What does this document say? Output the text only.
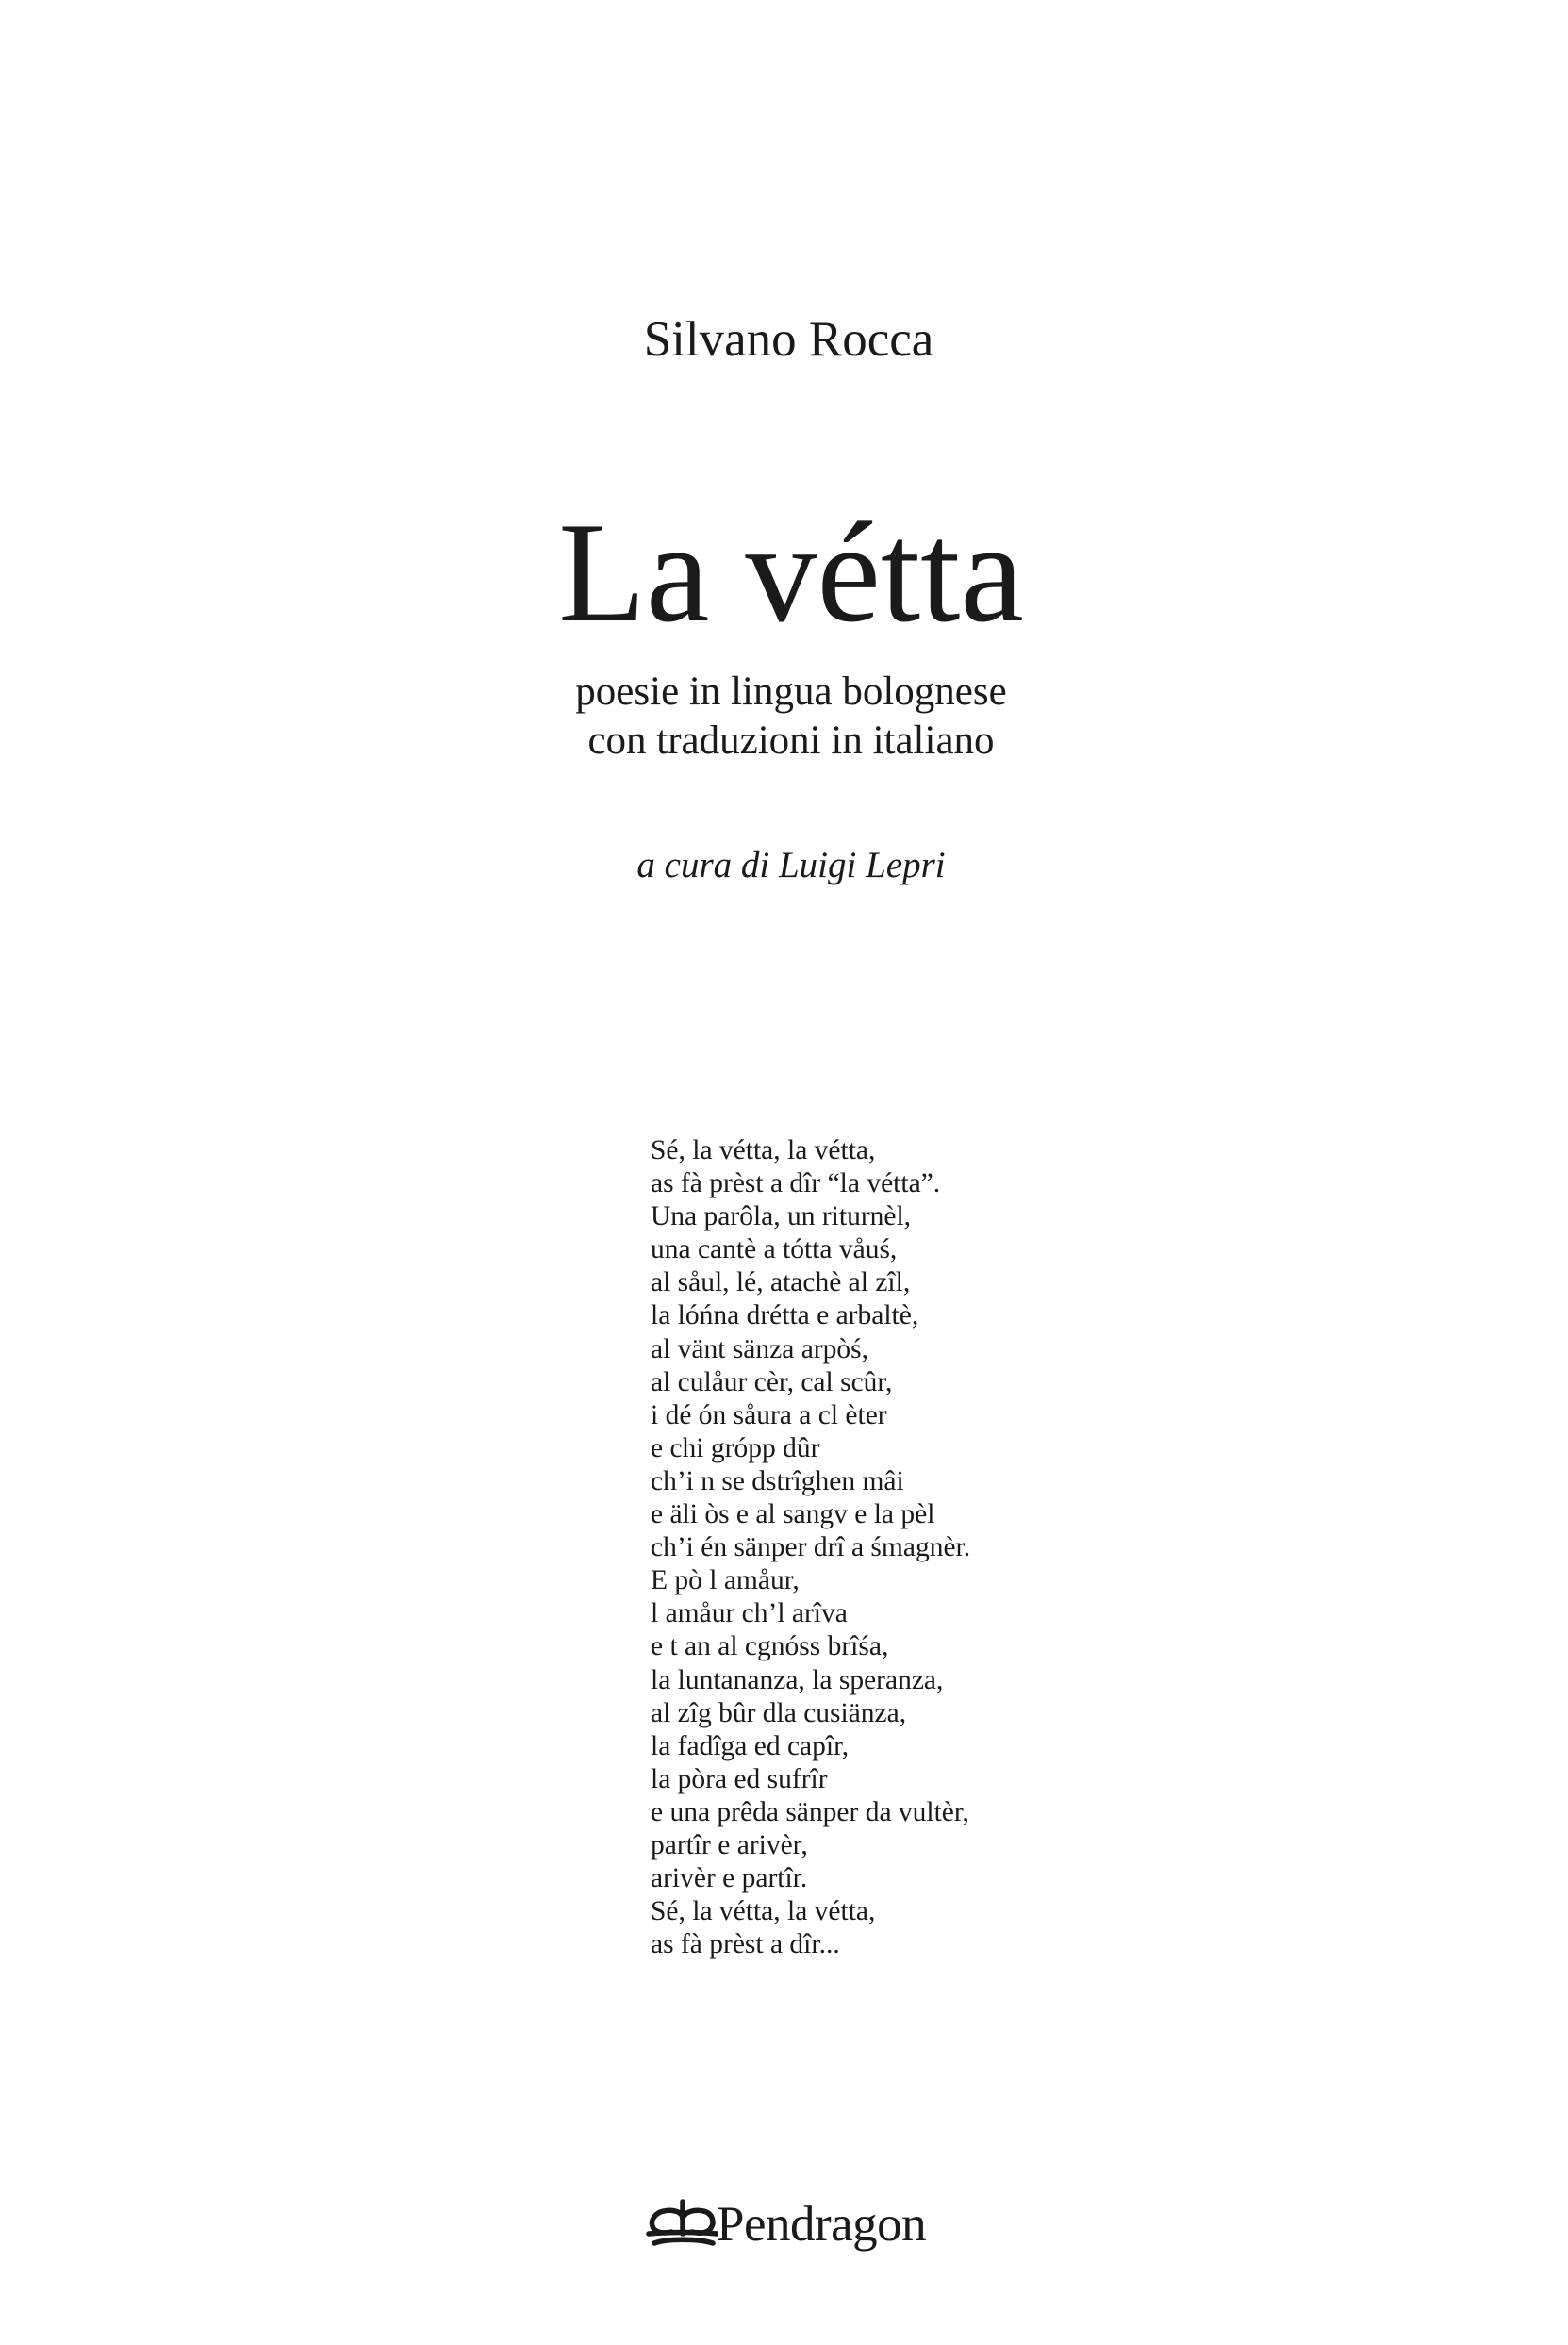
Silvano Rocca
La vétta
poesie in lingua bolognese
con traduzioni in italiano
a cura di Luigi Lepri
Sé, la vétta, la vétta,
as fà prèst a dîr “la vétta”.
Una parôla, un riturnèl,
una cantè a tótta våuś,
al såul, lé, atachè al zîl,
la lóńna drétta e arbaltè,
al vänt sänza arpòś,
al culåur cèr, cal scûr,
i dé ón såura a cl èter
e chi grópp dûr
ch’i n se dstrîghen mâi
e äli òs e al sangv e la pèl
ch’i én sänper drî a śmagnèr.
E pò l amåur,
l amåur ch’l arîva
e t an al cgnóss brîśa,
la luntananza, la speranza,
al zîg bûr dla cusiänza,
la fadîga ed capîr,
la pòra ed sufrîr
e una prêda sänper da vultèr,
partîr e arivèr,
arivèr e partîr.
Sé, la vétta, la vétta,
as fà prèst a dîr...
Pendragon
